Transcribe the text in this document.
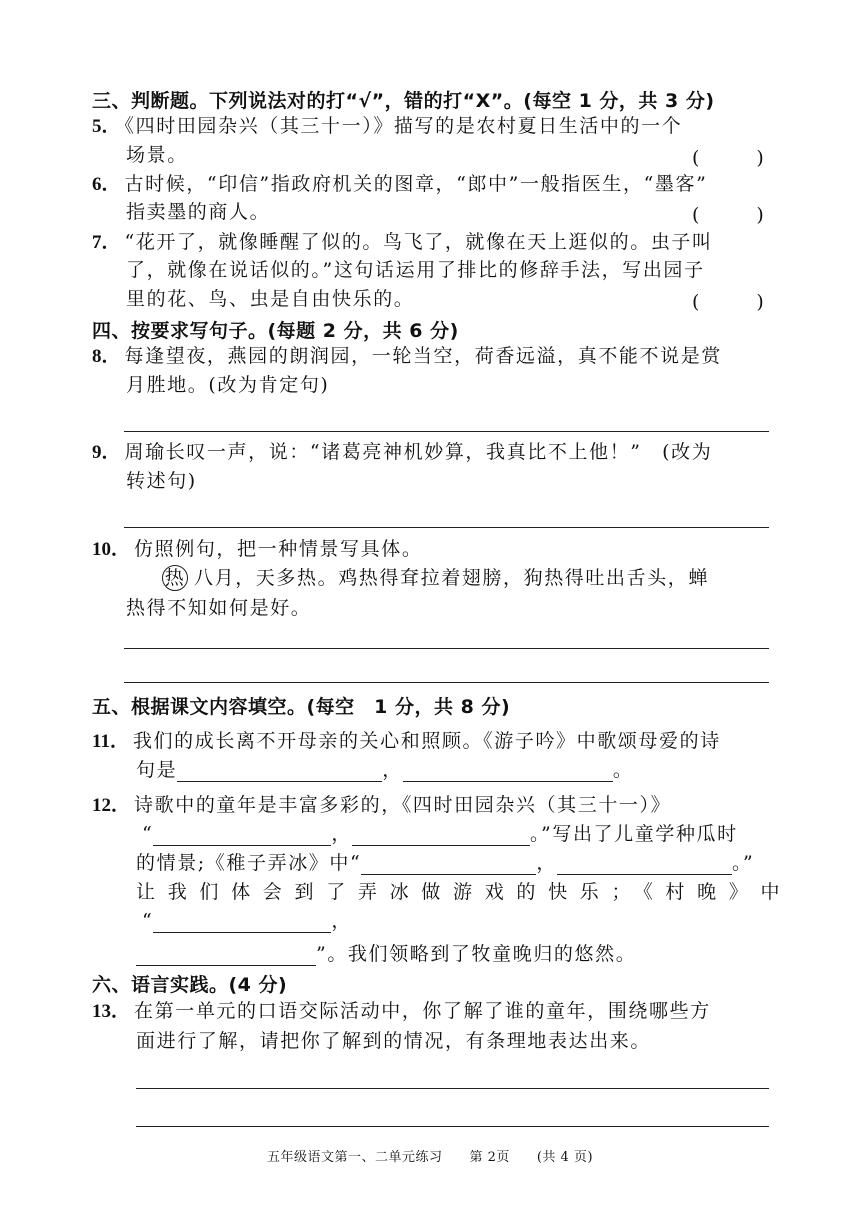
三、判断题。下列说法对的打“√”，错的打“X”。(每空 1 分，共 3 分)
5． 《四时田园杂兴（其三十一）》描写的是农村夏日生活中的一个
场景。	(　　　)
6． 古时候，“印信”指政府机关的图章，“郎中”一般指医生，“墨客”
指卖墨的商人。	(　　　)
7． “花开了，就像睡醒了似的。鸟飞了，就像在天上逛似的。虫子叫
了，就像在说话似的。”这句话运用了排比的修辞手法，写出园子
里的花、鸟、虫是自由快乐的。	(　　　)
四、按要求写句子。(每题 2 分，共 6 分)
8． 每逢望夜，燕园的朗润园，一轮当空，荷香远溢，真不能不说是赏
月胜地。(改为肯定句)
9． 周瑜长叹一声，说：“诸葛亮神机妙算，我真比不上他！”　(改为
转述句)
10． 仿照例句，把一种情景写具体。
热 八月，天多热。鸡热得耷拉着翅膀，狗热得吐出舌头，蝉
热得不知如何是好。
五、根据课文内容填空。(每空　1 分，共 8 分)
11． 我们的成长离不开母亲的关心和照顾。《游子吟》中歌颂母爱的诗
句是	，	。
12． 诗歌中的童年是丰富多彩的，《四时田园杂兴（其三十一）》
“	，	。”写出了儿童学种瓜时
的情景;《稚子弄冰》中“	，	。”
让我们体会到了弄冰做游戏的快乐；《村晚》中
“	，
”。我们领略到了牧童晚归的悠然。
六、语言实践。(4 分)
13． 在第一单元的口语交际活动中，你了解了谁的童年，围绕哪些方
面进行了解，请把你了解到的情况，有条理地表达出来。
五年级语文第一、二单元练习　　第 2页　　(共 4 页)
